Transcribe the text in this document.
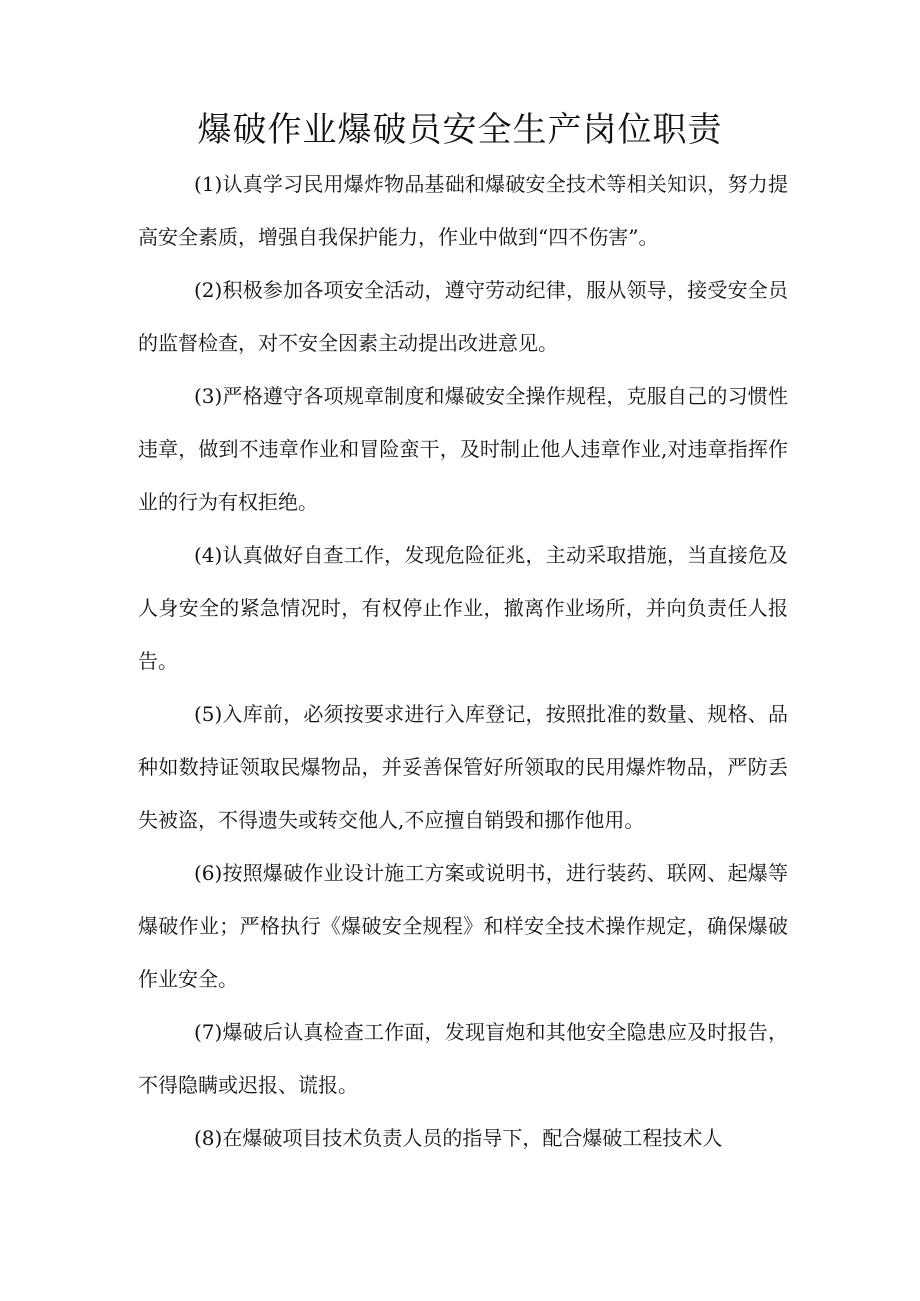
爆破作业爆破员安全生产岗位职责

(1)认真学习民用爆炸物品基础和爆破安全技术等相关知识，努力提高安全素质，增强自我保护能力，作业中做到“四不伤害”。

(2)积极参加各项安全活动，遵守劳动纪律，服从领导，接受安全员的监督检查，对不安全因素主动提出改进意见。

(3)严格遵守各项规章制度和爆破安全操作规程，克服自己的习惯性违章，做到不违章作业和冒险蛮干，及时制止他人违章作业,对违章指挥作业的行为有权拒绝。

(4)认真做好自查工作，发现危险征兆，主动采取措施，当直接危及人身安全的紧急情况时，有权停止作业，撤离作业场所，并向负责任人报告。

(5)入库前，必须按要求进行入库登记，按照批准的数量、规格、品种如数持证领取民爆物品，并妥善保管好所领取的民用爆炸物品，严防丢失被盗，不得遗失或转交他人,不应擅自销毁和挪作他用。

(6)按照爆破作业设计施工方案或说明书，进行装药、联网、起爆等爆破作业；严格执行《爆破安全规程》和样安全技术操作规定，确保爆破作业安全。

(7)爆破后认真检查工作面，发现盲炮和其他安全隐患应及时报告，不得隐瞒或迟报、谎报。

(8)在爆破项目技术负责人员的指导下，配合爆破工程技术人
